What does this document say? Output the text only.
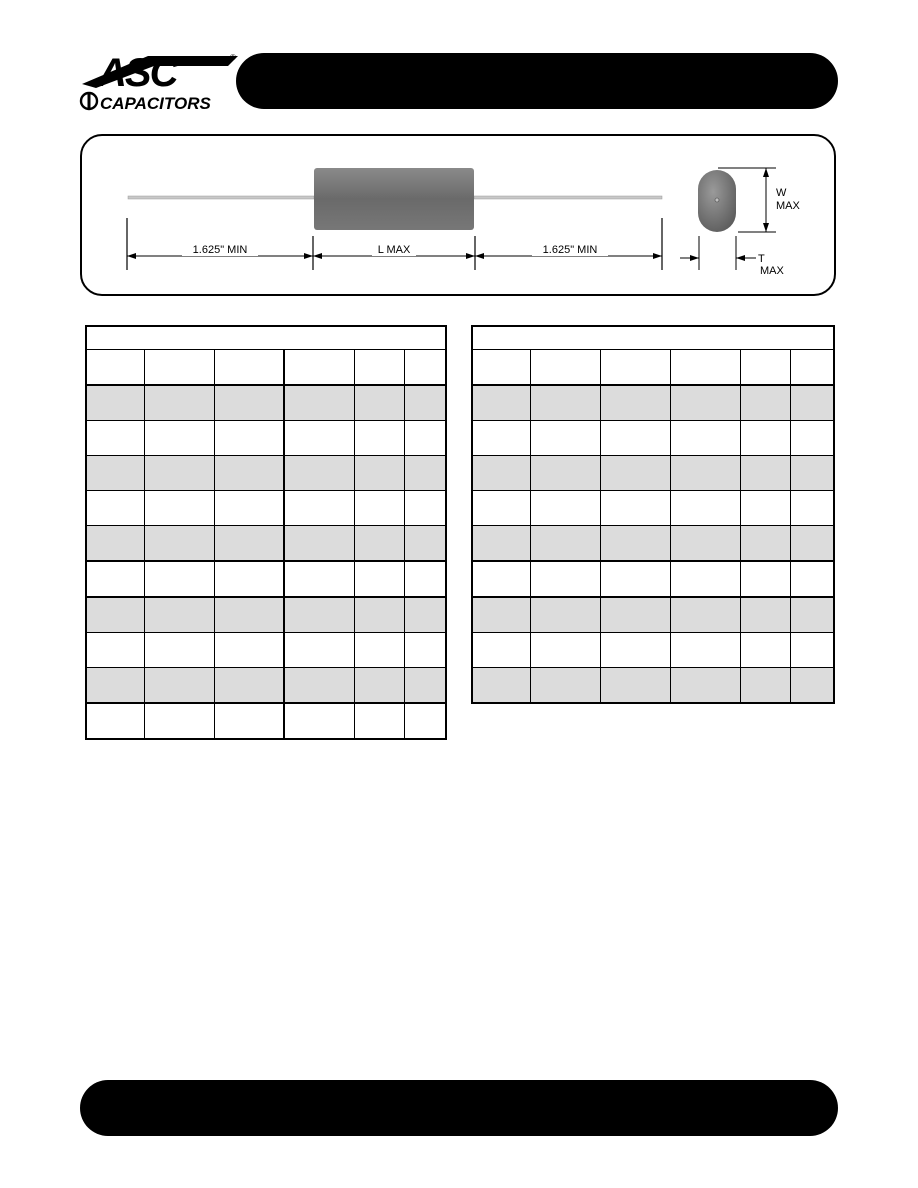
ASC	®
CAPACITORS
1.625" MIN	L MAX	1.625" MIN
W
MAX
T
MAX
